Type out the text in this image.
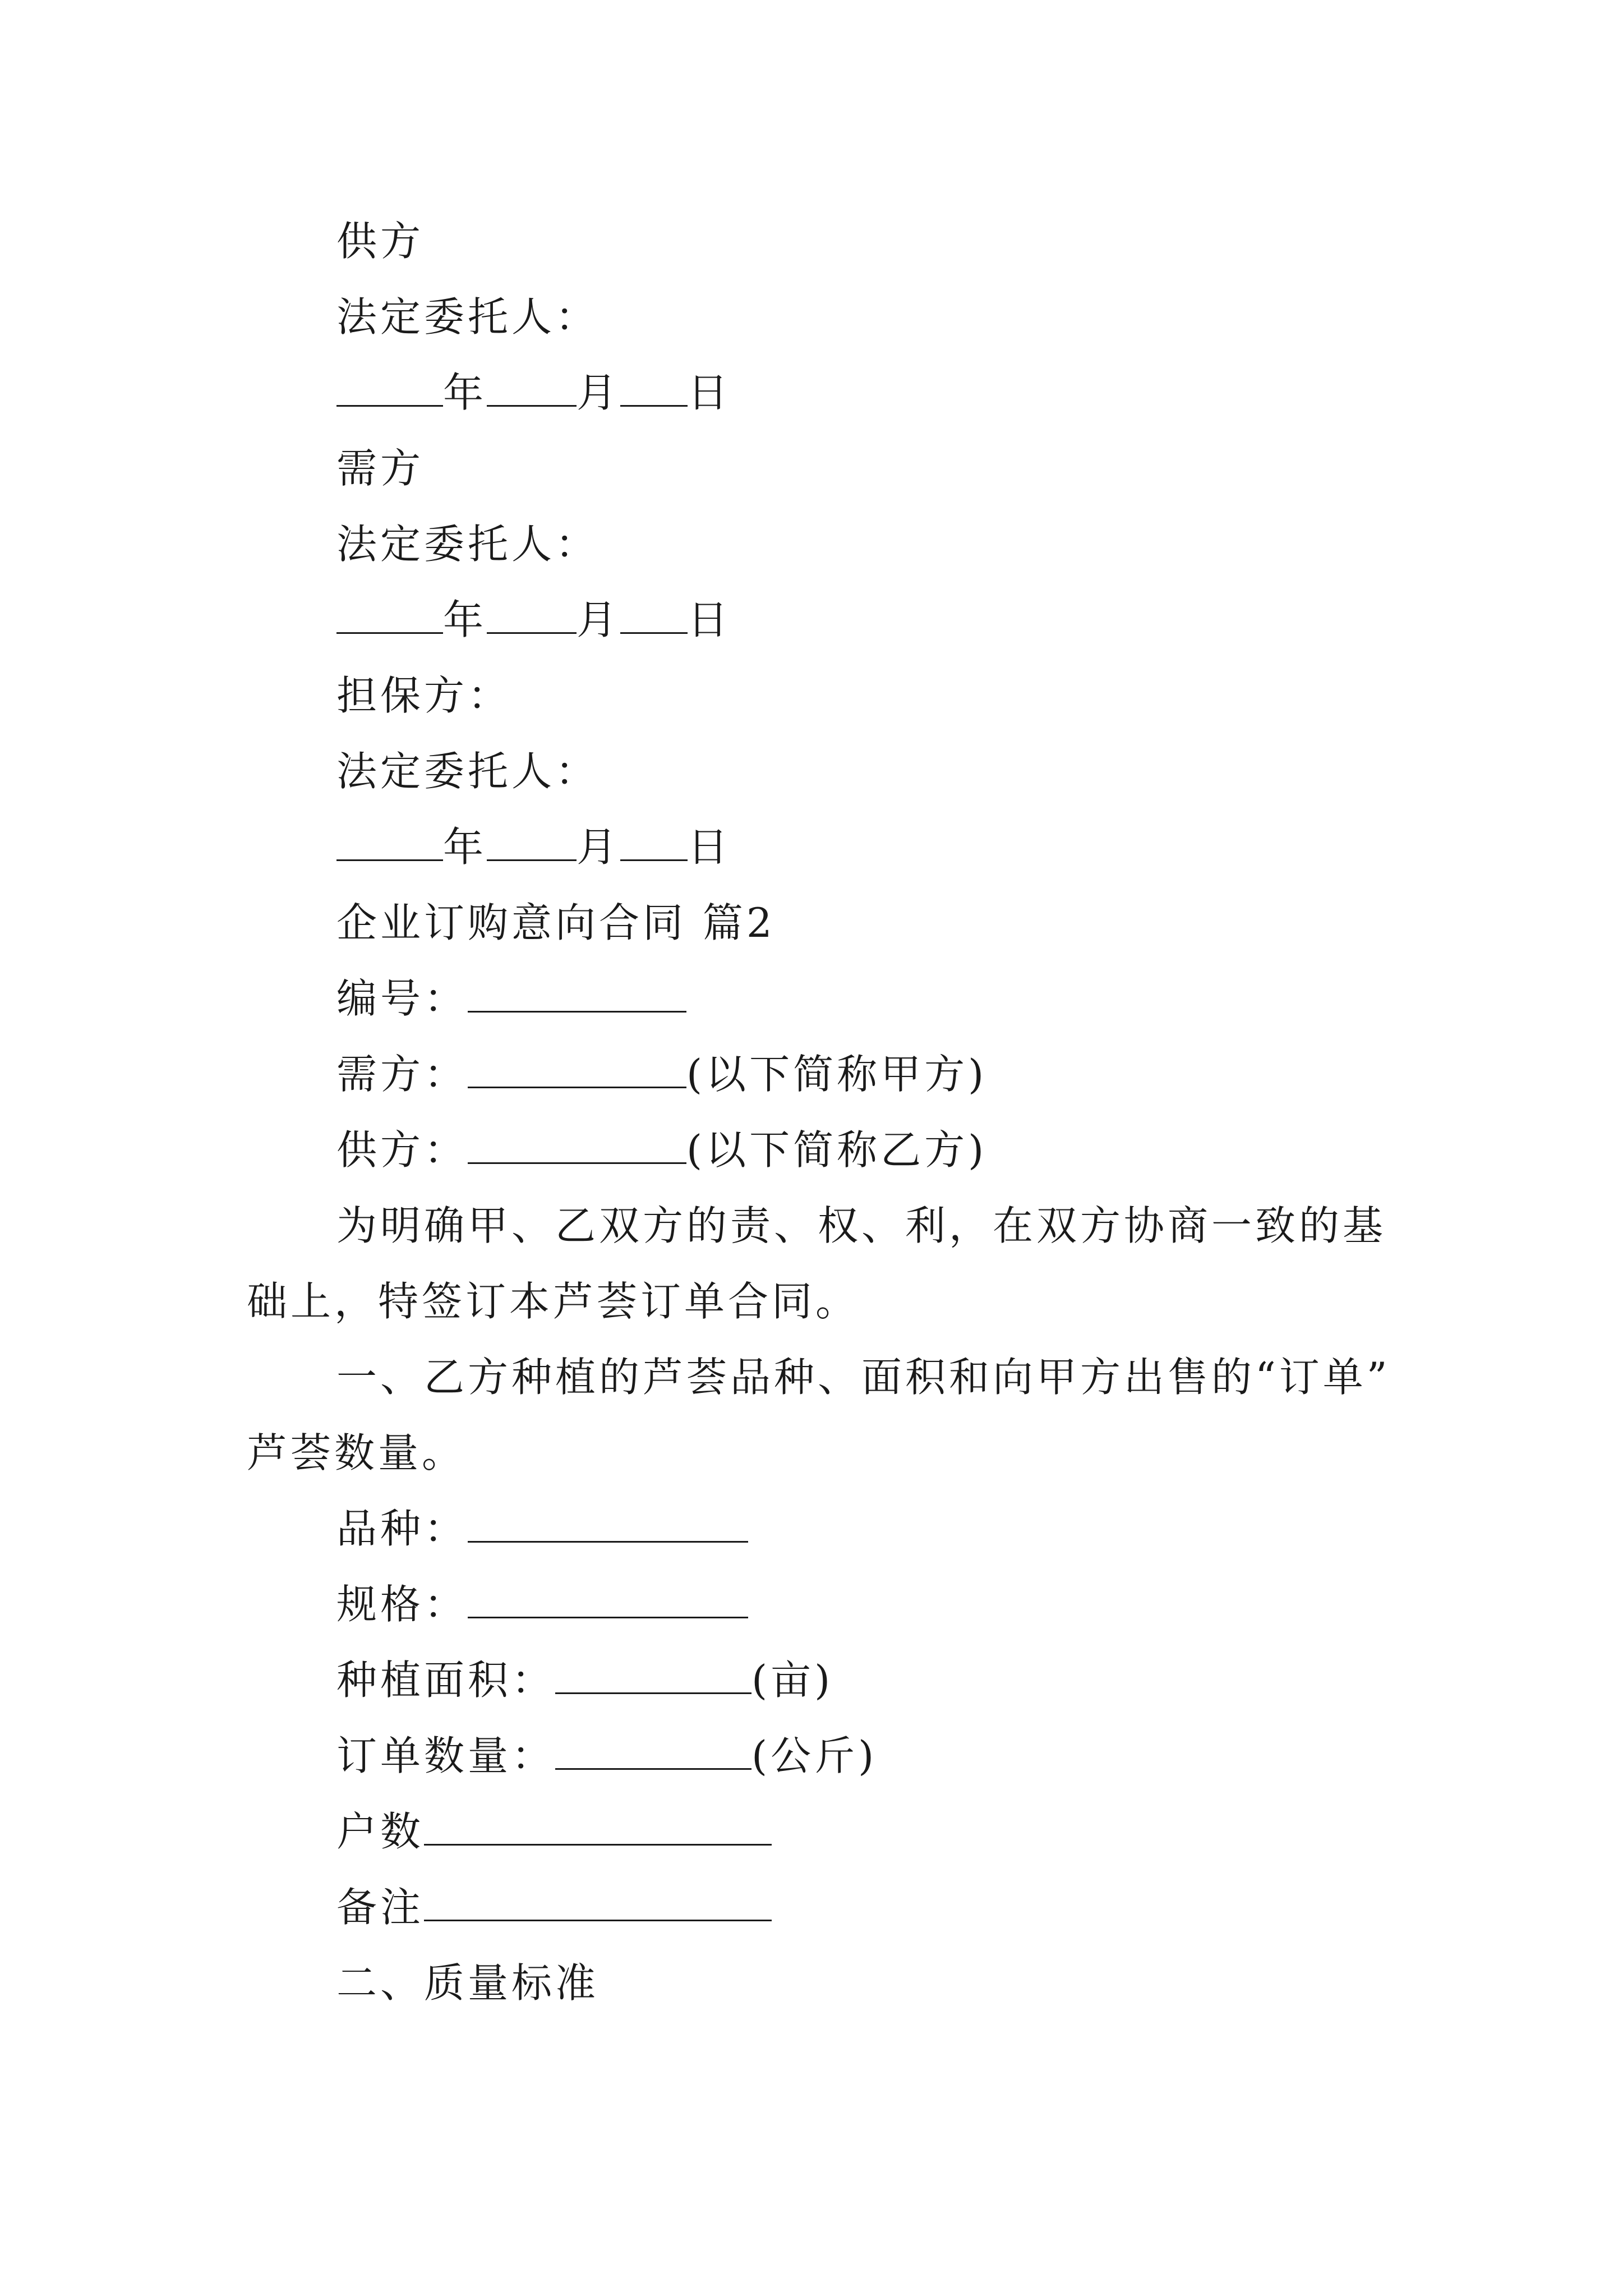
供方
法定委托人：
年 月 日
需方
法定委托人：
年 月 日
担保方：
法定委托人：
年 月 日
企业订购意向合同 篇2
编号：
需方：	(以下简称甲方)
供方：	(以下简称乙方)
为明确甲、乙双方的责、权、利，在双方协商一致的基
础上，特签订本芦荟订单合同。
一、乙方种植的芦荟品种、面积和向甲方出售的“订单”
芦荟数量。
品种：
规格：
种植面积：	(亩)
订单数量：	(公斤)
户数
备注
二、质量标准
